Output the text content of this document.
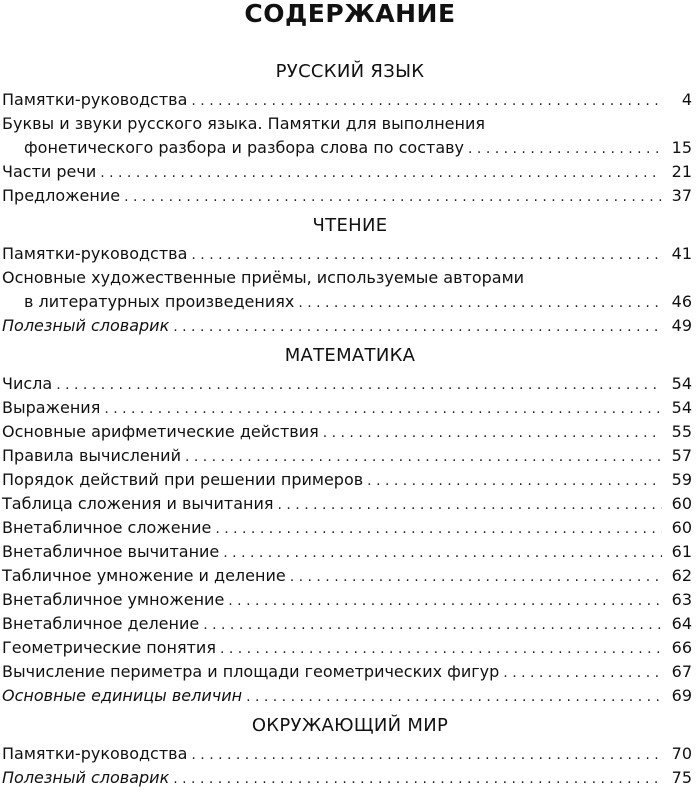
СОДЕРЖАНИЕ
РУССКИЙ ЯЗЫК
Памятки-руководства . . .	4
Буквы и звуки русского языка. Памятки для выполнения
фонетического разбора и разбора слова по составу . . .	15
Части речи . . .	21
Предложение . . .	37
ЧТЕНИЕ
Памятки-руководства . . .	41
Основные художественные приёмы, используемые авторами
в литературных произведениях . . .	46
Полезный словарик . . .	49
МАТЕМАТИКА
Числа . . .	54
Выражения . . .	54
Основные арифметические действия . . .	55
Правила вычислений . . .	57
Порядок действий при решении примеров . . .	59
Таблица сложения и вычитания . . .	60
Внетабличное сложение . . .	60
Внетабличное вычитание . . .	61
Табличное умножение и деление . . .	62
Внетабличное умножение . . .	63
Внетабличное деление . . .	64
Геометрические понятия . . .	66
Вычисление периметра и площади геометрических фигур . . .	67
Основные единицы величин . . .	69
ОКРУЖАЮЩИЙ МИР
Памятки-руководства . . .	70
Полезный словарик . . .	75
